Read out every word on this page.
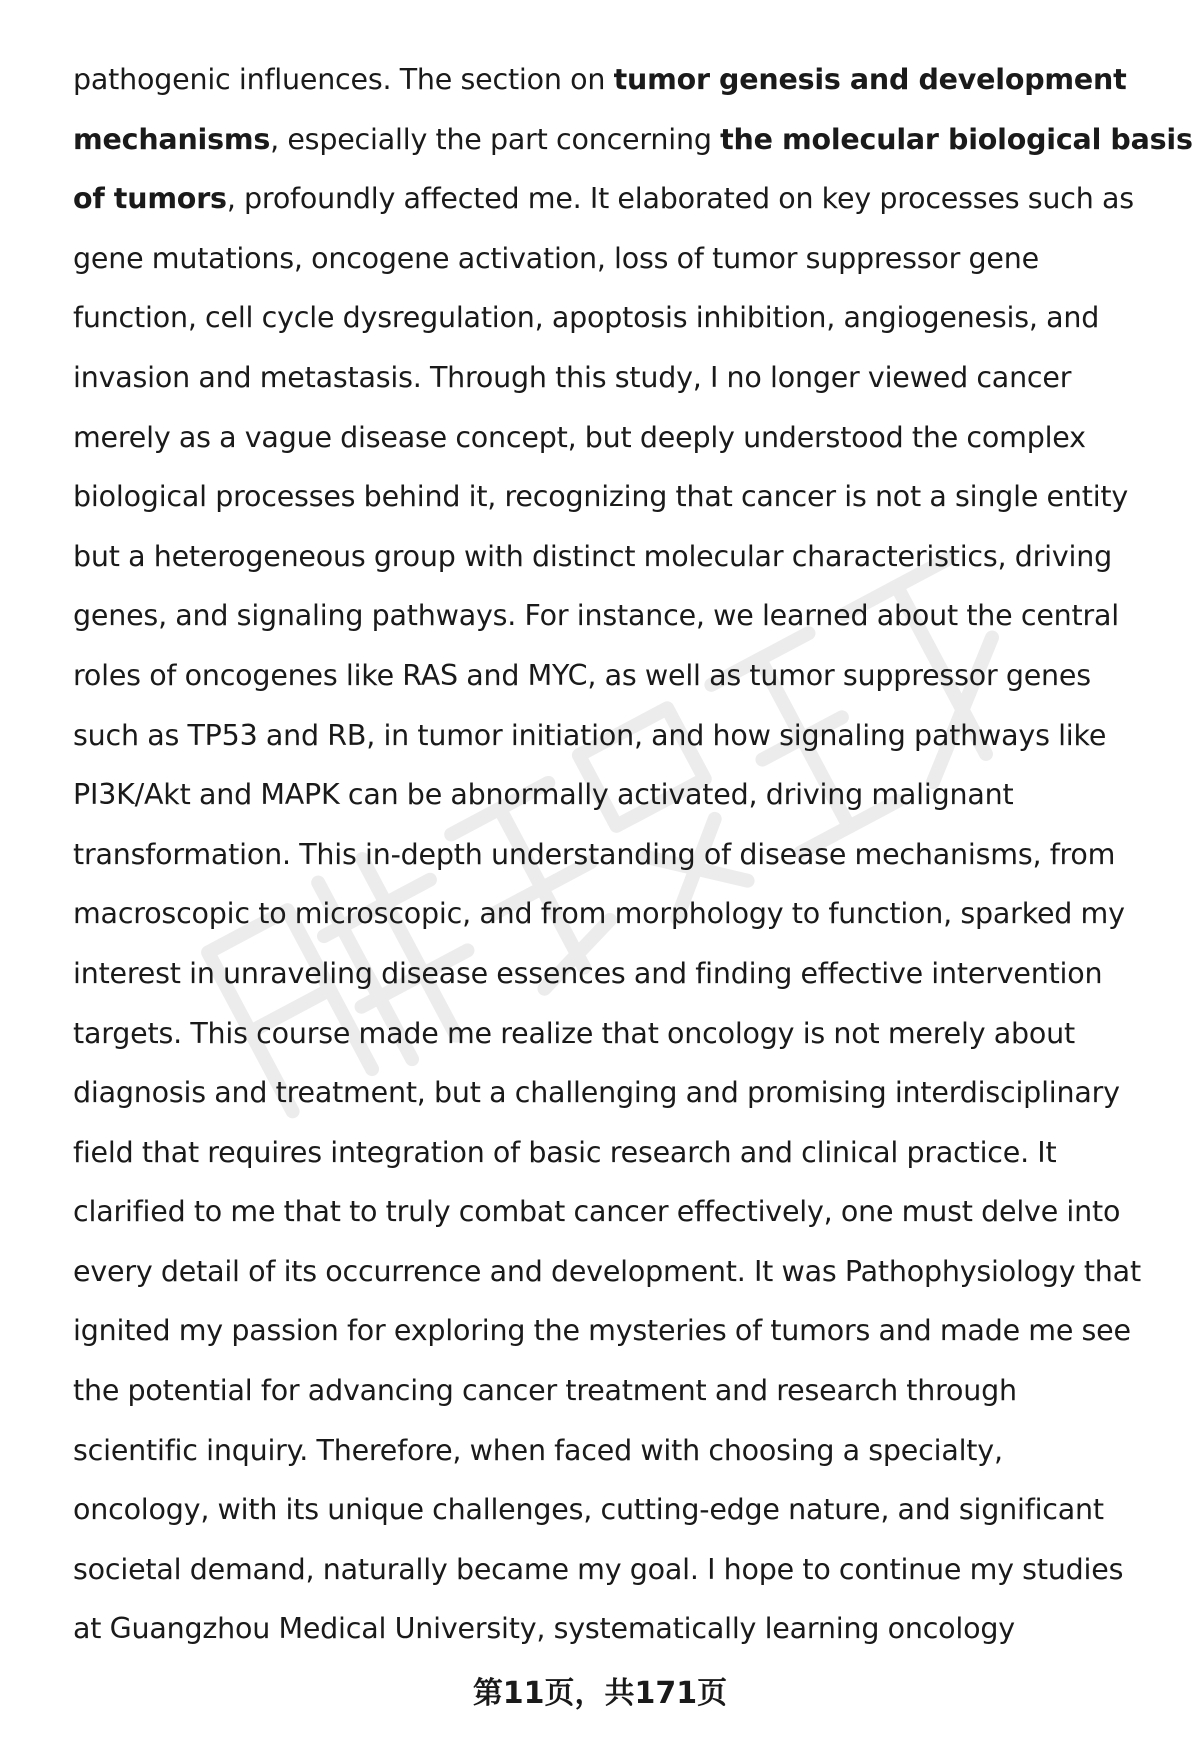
pathogenic influences. The section on tumor genesis and development
mechanisms, especially the part concerning the molecular biological basis
of tumors, profoundly affected me. It elaborated on key processes such as
gene mutations, oncogene activation, loss of tumor suppressor gene
function, cell cycle dysregulation, apoptosis inhibition, angiogenesis, and
invasion and metastasis. Through this study, I no longer viewed cancer
merely as a vague disease concept, but deeply understood the complex
biological processes behind it, recognizing that cancer is not a single entity
but a heterogeneous group with distinct molecular characteristics, driving
genes, and signaling pathways. For instance, we learned about the central
roles of oncogenes like RAS and MYC, as well as tumor suppressor genes
such as TP53 and RB, in tumor initiation, and how signaling pathways like
PI3K/Akt and MAPK can be abnormally activated, driving malignant
transformation. This in-depth understanding of disease mechanisms, from
macroscopic to microscopic, and from morphology to function, sparked my
interest in unraveling disease essences and finding effective intervention
targets. This course made me realize that oncology is not merely about
diagnosis and treatment, but a challenging and promising interdisciplinary
field that requires integration of basic research and clinical practice. It
clarified to me that to truly combat cancer effectively, one must delve into
every detail of its occurrence and development. It was Pathophysiology that
ignited my passion for exploring the mysteries of tumors and made me see
the potential for advancing cancer treatment and research through
scientific inquiry. Therefore, when faced with choosing a specialty,
oncology, with its unique challenges, cutting-edge nature, and significant
societal demand, naturally became my goal. I hope to continue my studies
at Guangzhou Medical University, systematically learning oncology
第11页，共171页
